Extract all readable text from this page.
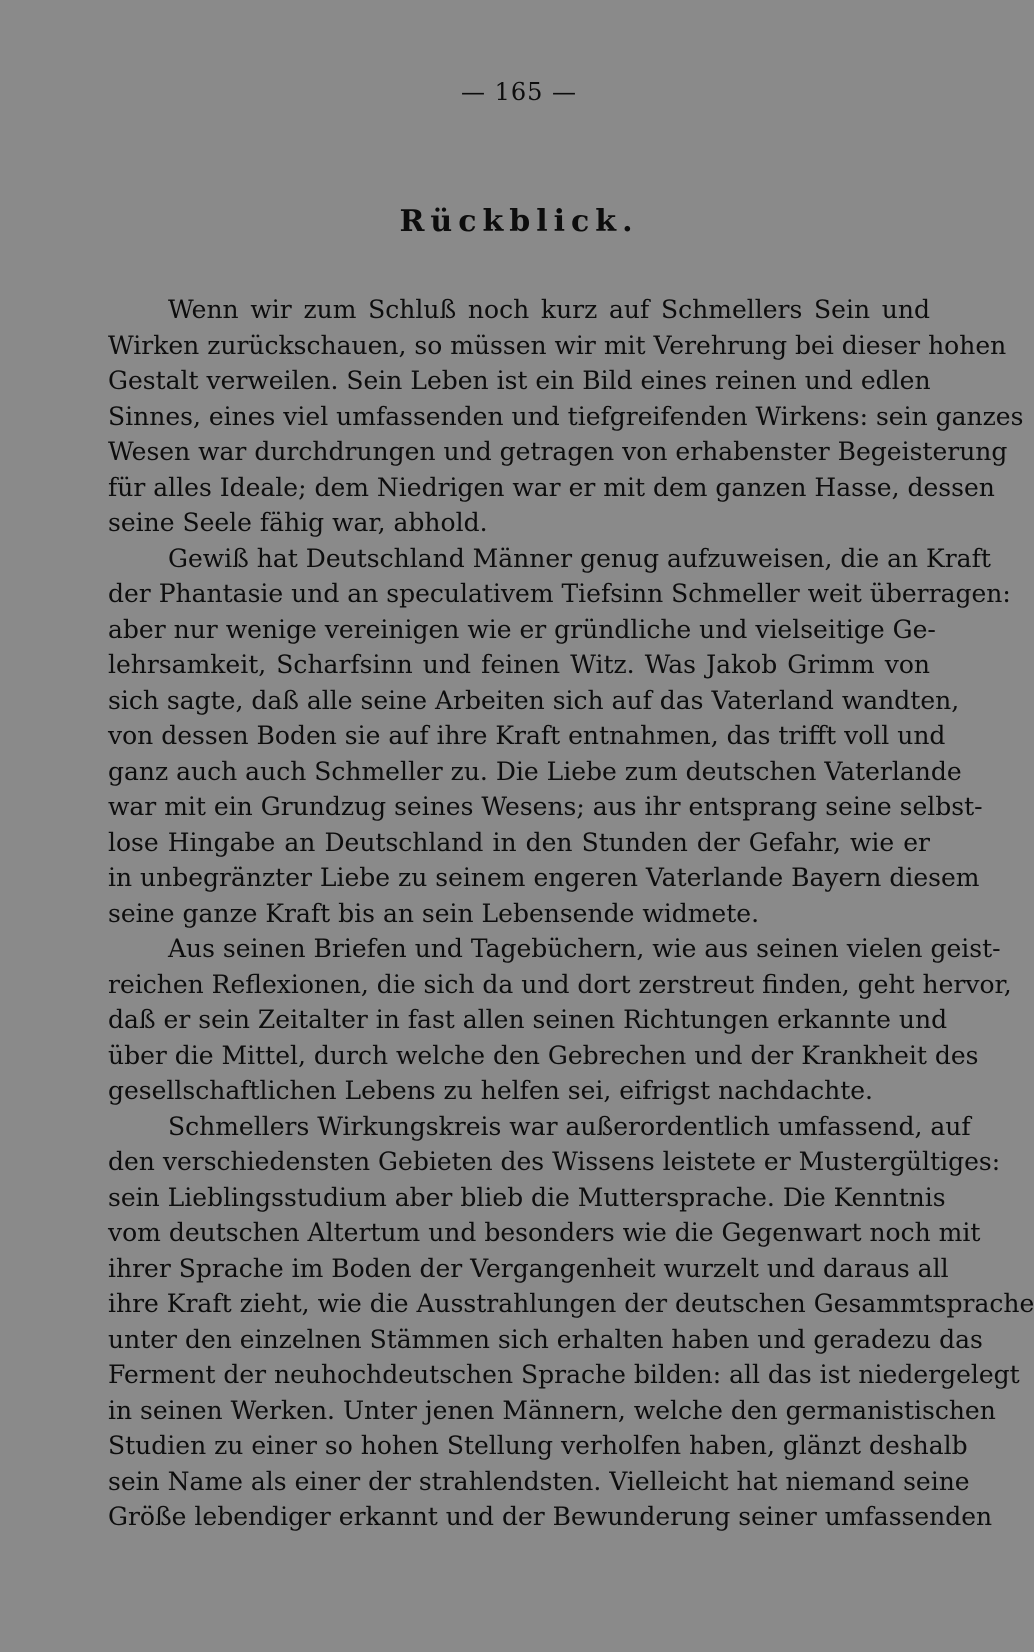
— 165 —
Rückblick.
Wenn wir zum Schluß noch kurz auf Schmellers Sein und
Wirken zurückschauen, so müssen wir mit Verehrung bei dieser hohen
Gestalt verweilen. Sein Leben ist ein Bild eines reinen und edlen
Sinnes, eines viel umfassenden und tiefgreifenden Wirkens: sein ganzes
Wesen war durchdrungen und getragen von erhabenster Begeisterung
für alles Ideale; dem Niedrigen war er mit dem ganzen Hasse, dessen
seine Seele fähig war, abhold.
Gewiß hat Deutschland Männer genug aufzuweisen, die an Kraft
der Phantasie und an speculativem Tiefsinn Schmeller weit überragen:
aber nur wenige vereinigen wie er gründliche und vielseitige Ge-
lehrsamkeit, Scharfsinn und feinen Witz. Was Jakob Grimm von
sich sagte, daß alle seine Arbeiten sich auf das Vaterland wandten,
von dessen Boden sie auf ihre Kraft entnahmen, das trifft voll und
ganz auch auch Schmeller zu. Die Liebe zum deutschen Vaterlande
war mit ein Grundzug seines Wesens; aus ihr entsprang seine selbst-
lose Hingabe an Deutschland in den Stunden der Gefahr, wie er
in unbegränzter Liebe zu seinem engeren Vaterlande Bayern diesem
seine ganze Kraft bis an sein Lebensende widmete.
Aus seinen Briefen und Tagebüchern, wie aus seinen vielen geist-
reichen Reflexionen, die sich da und dort zerstreut finden, geht hervor,
daß er sein Zeitalter in fast allen seinen Richtungen erkannte und
über die Mittel, durch welche den Gebrechen und der Krankheit des
gesellschaftlichen Lebens zu helfen sei, eifrigst nachdachte.
Schmellers Wirkungskreis war außerordentlich umfassend, auf
den verschiedensten Gebieten des Wissens leistete er Mustergültiges:
sein Lieblingsstudium aber blieb die Muttersprache. Die Kenntnis
vom deutschen Altertum und besonders wie die Gegenwart noch mit
ihrer Sprache im Boden der Vergangenheit wurzelt und daraus all
ihre Kraft zieht, wie die Ausstrahlungen der deutschen Gesammtsprache
unter den einzelnen Stämmen sich erhalten haben und geradezu das
Ferment der neuhochdeutschen Sprache bilden: all das ist niedergelegt
in seinen Werken. Unter jenen Männern, welche den germanistischen
Studien zu einer so hohen Stellung verholfen haben, glänzt deshalb
sein Name als einer der strahlendsten. Vielleicht hat niemand seine
Größe lebendiger erkannt und der Bewunderung seiner umfassenden
